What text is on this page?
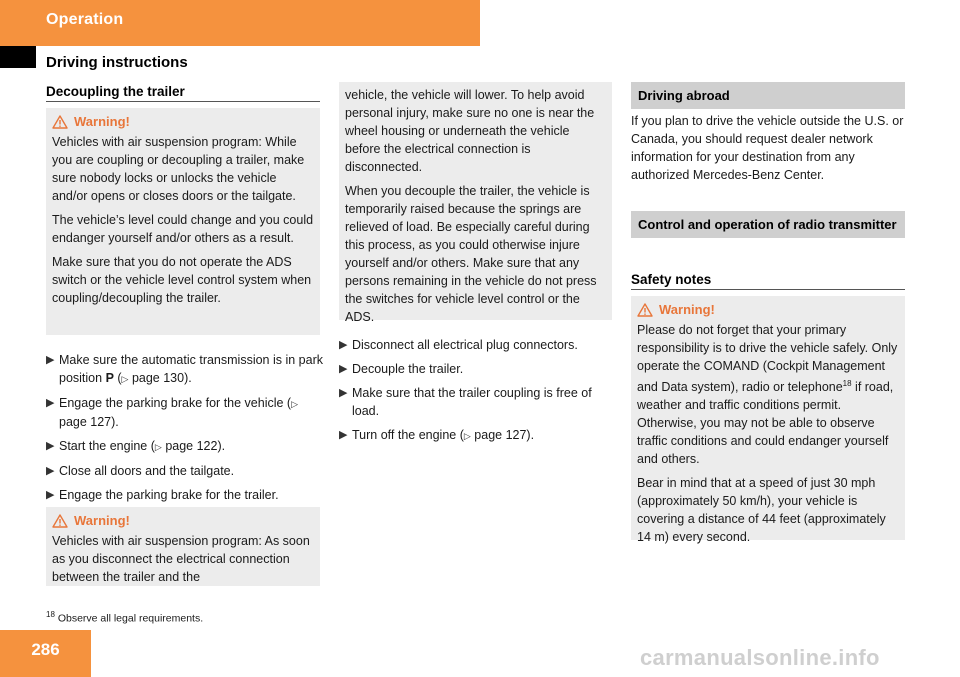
Operation
Driving instructions
Decoupling the trailer
Warning!

Vehicles with air suspension program: While you are coupling or decoupling a trailer, make sure nobody locks or unlocks the vehicle and/or opens or closes doors or the tailgate.

The vehicle’s level could change and you could endanger yourself and/or others as a result.

Make sure that you do not operate the ADS switch or the vehicle level control system when coupling/decoupling the trailer.

▶ Make sure the automatic transmission is in park position P (▷ page 130).
▶ Engage the parking brake for the vehicle (▷ page 127).
▶ Start the engine (▷ page 122).
▶ Close all doors and the tailgate.
▶ Engage the parking brake for the trailer.
Warning!

Vehicles with air suspension program: As soon as you disconnect the electrical connection between the trailer and the

vehicle, the vehicle will lower. To help avoid personal injury, make sure no one is near the wheel housing or underneath the vehicle before the electrical connection is disconnected.

When you decouple the trailer, the vehicle is temporarily raised because the springs are relieved of load. Be especially careful during this process, as you could otherwise injure yourself and/or others. Make sure that any persons remaining in the vehicle do not press the switches for vehicle level control or the ADS.

▶ Disconnect all electrical plug connectors.
▶ Decouple the trailer.
▶ Make sure that the trailer coupling is free of load.
▶ Turn off the engine (▷ page 127).
Driving abroad
If you plan to drive the vehicle outside the U.S. or Canada, you should request dealer network information for your destination from any authorized Mercedes-Benz Center.
Control and operation of radio transmitter
Safety notes
Warning!

Please do not forget that your primary responsibility is to drive the vehicle safely. Only operate the COMAND (Cockpit Management and Data system), radio or telephone$^{18}$ if road, weather and traffic conditions permit. Otherwise, you may not be able to observe traffic conditions and could endanger yourself and others.

Bear in mind that at a speed of just 30 mph (approximately 50 km/h), your vehicle is covering a distance of 44 feet (approximately 14 m) every second.

$^{18}$ Observe all legal requirements.
286	carmanualsonline.info
